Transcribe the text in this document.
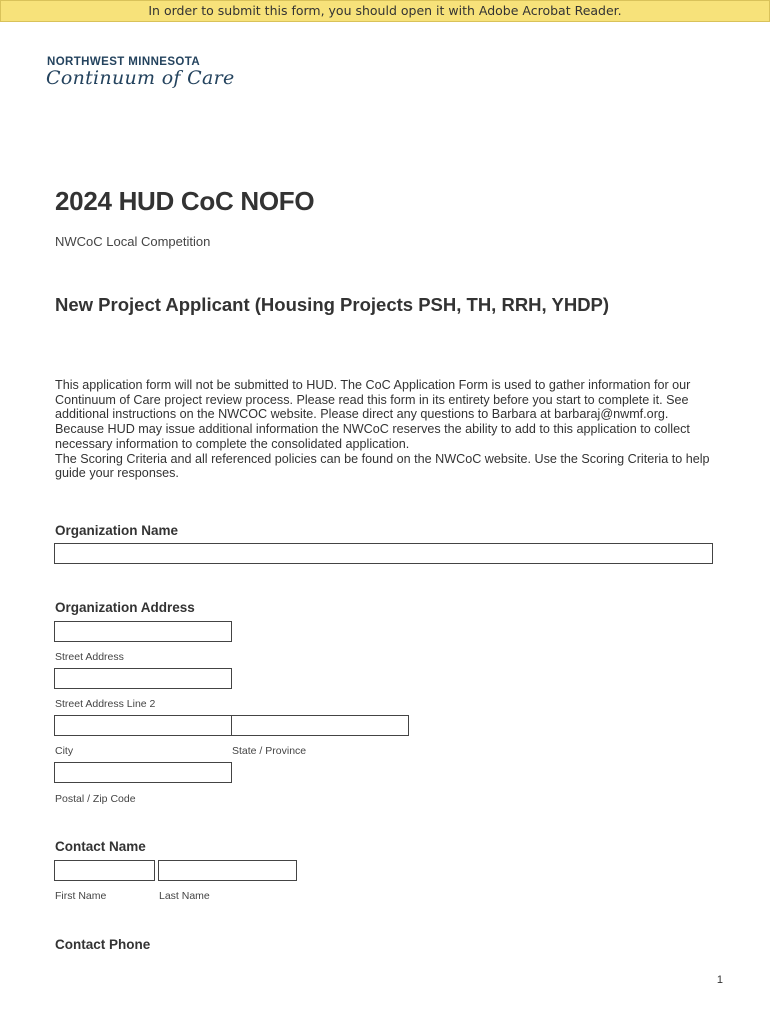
In order to submit this form, you should open it with Adobe Acrobat Reader.
NORTHWEST MINNESOTA
Continuum of Care
2024 HUD CoC NOFO
NWCoC Local Competition
New Project Applicant (Housing Projects PSH, TH, RRH, YHDP)

This application form will not be submitted to HUD. The CoC Application Form is used to gather information for our Continuum of Care project review process. Please read this form in its entirety before you start to complete it. See additional instructions on the NWCOC website. Please direct any questions to Barbara at barbaraj@nwmf.org.

Because HUD may issue additional information the NWCoC reserves the ability to add to this application to collect necessary information to complete the consolidated application.

The Scoring Criteria and all referenced policies can be found on the NWCoC website. Use the Scoring Criteria to help guide your responses.

Organization Name
Organization Address
Street Address
Street Address Line 2
City	State / Province
Postal / Zip Code
Contact Name
First Name	Last Name
Contact Phone
1
